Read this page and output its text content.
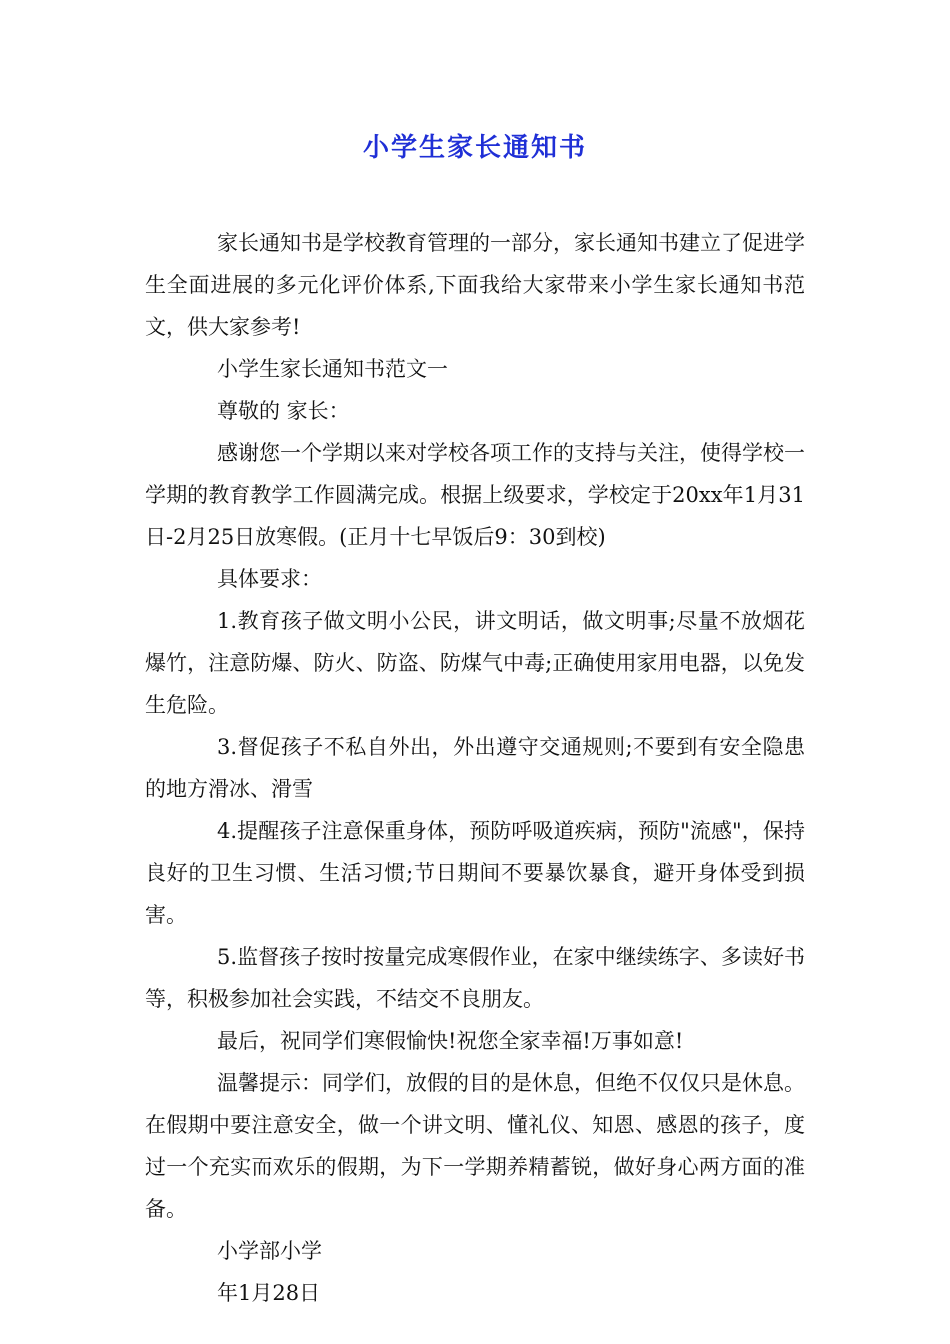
小学生家长通知书

家长通知书是学校教育管理的一部分，家长通知书建立了促进学生全面进展的多元化评价体系,下面我给大家带来小学生家长通知书范文，供大家参考!

小学生家长通知书范文一

尊敬的 家长：

感谢您一个学期以来对学校各项工作的支持与关注，使得学校一学期的教育教学工作圆满完成。根据上级要求，学校定于20xx年1月31日-2月25日放寒假。(正月十七早饭后9：30到校)

具体要求：

1.教育孩子做文明小公民，讲文明话，做文明事;尽量不放烟花爆竹，注意防爆、防火、防盗、防煤气中毒;正确使用家用电器，以免发生危险。

3.督促孩子不私自外出，外出遵守交通规则;不要到有安全隐患的地方滑冰、滑雪

4.提醒孩子注意保重身体，预防呼吸道疾病，预防"流感"，保持良好的卫生习惯、生活习惯;节日期间不要暴饮暴食，避开身体受到损害。

5.监督孩子按时按量完成寒假作业，在家中继续练字、多读好书等，积极参加社会实践，不结交不良朋友。

最后，祝同学们寒假愉快!祝您全家幸福!万事如意!

温馨提示：同学们，放假的目的是休息，但绝不仅仅只是休息。在假期中要注意安全，做一个讲文明、懂礼仪、知恩、感恩的孩子，度过一个充实而欢乐的假期，为下一学期养精蓄锐，做好身心两方面的准备。

小学部小学

年1月28日
